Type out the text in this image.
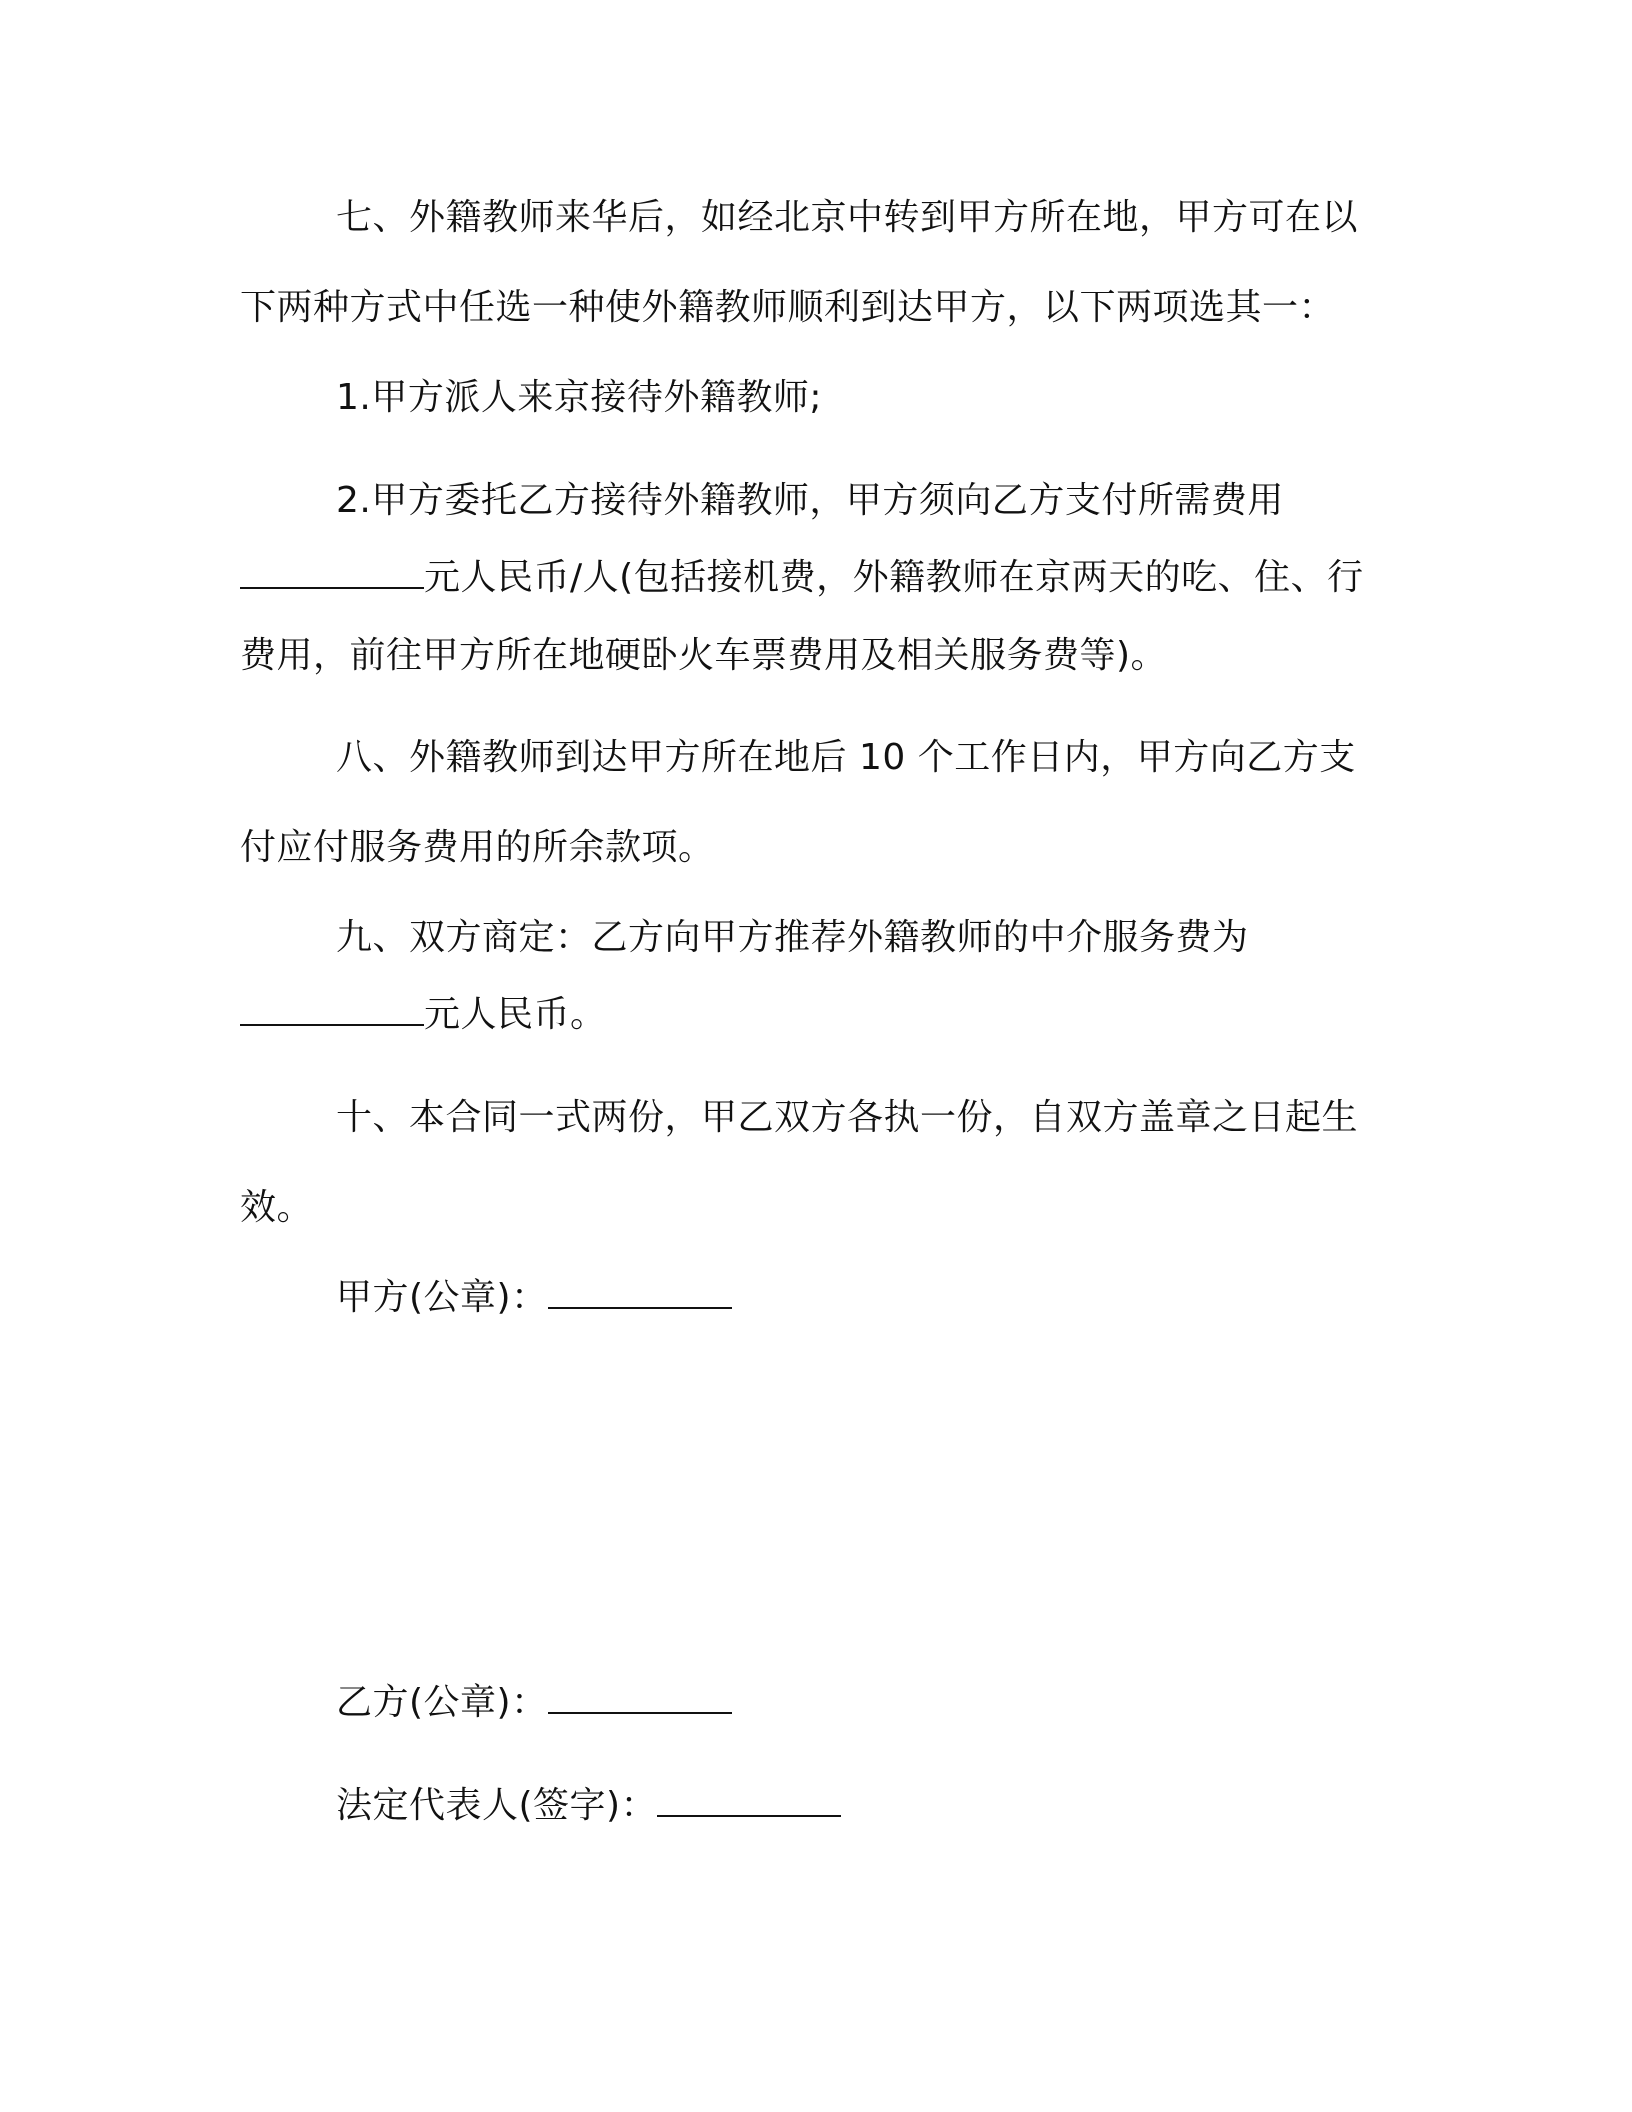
七、外籍教师来华后，如经北京中转到甲方所在地，甲方可在以下两种方式中任选一种使外籍教师顺利到达甲方，以下两项选其一：

1.甲方派人来京接待外籍教师;

2.甲方委托乙方接待外籍教师，甲方须向乙方支付所需费用

元人民币/人(包括接机费，外籍教师在京两天的吃、住、行

费用，前往甲方所在地硬卧火车票费用及相关服务费等)。

八、外籍教师到达甲方所在地后 10 个工作日内，甲方向乙方支付应付服务费用的所余款项。

九、双方商定：乙方向甲方推荐外籍教师的中介服务费为

元人民币。

十、本合同一式两份，甲乙双方各执一份，自双方盖章之日起生效。

甲方(公章)：

乙方(公章)：

法定代表人(签字)：
